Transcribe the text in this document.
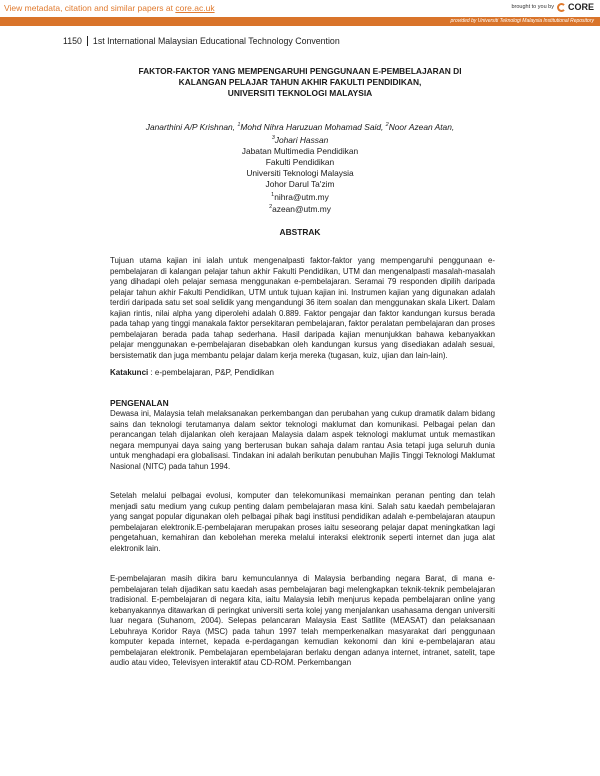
View metadata, citation and similar papers at core.ac.uk	brought to you by CORE
provided by Universiti Teknologi Malaysia Institutional Repository
1150 1st International Malaysian Educational Technology Convention
FAKTOR-FAKTOR YANG MEMPENGARUHI PENGGUNAAN E-PEMBELAJARAN DI
KALANGAN PELAJAR TAHUN AKHIR FAKULTI PENDIDIKAN,
UNIVERSITI TEKNOLOGI MALAYSIA
Janarthini A/P Krishnan, $^1$Mohd Nihra Haruzuan Mohamad Said, $^2$Noor Azean Atan,
$^3$Johari Hassan
Jabatan Multimedia Pendidikan
Fakulti Pendidikan
Universiti Teknologi Malaysia
Johor Darul Ta'zim
$^1$nihra@utm.my
$^2$azean@utm.my
ABSTRAK
Tujuan utama kajian ini ialah untuk mengenalpasti faktor-faktor yang mempengaruhi penggunaan e-pembelajaran di kalangan pelajar tahun akhir Fakulti Pendidikan, UTM dan mengenalpasti masalah-masalah yang dihadapi oleh pelajar semasa menggunakan e-pembelajaran. Seramai 79 responden dipilih daripada pelajar tahun akhir Fakulti Pendidikan, UTM untuk tujuan kajian ini. Instrumen kajian yang digunakan adalah terdiri daripada satu set soal selidik yang mengandungi 36 item soalan dan menggunakan skala Likert. Dalam kajian rintis, nilai alpha yang diperolehi adalah 0.889. Faktor pengajar dan faktor kandungan kursus berada pada tahap yang tinggi manakala faktor persekitaran pembelajaran, faktor peralatan pembelajaran dan proses pembelajaran berada pada tahap sederhana. Hasil daripada kajian menunjukkan bahawa kebanyakkan pelajar menggunakan e-pembelajaran disebabkan oleh kandungan kursus yang disediakan adalah sesuai, bersistematik dan juga membantu pelajar dalam kerja mereka (tugasan, kuiz, ujian dan lain-lain).
Katakunci : e-pembelajaran, P&P, Pendidikan
PENGENALAN
Dewasa ini, Malaysia telah melaksanakan perkembangan dan perubahan yang cukup dramatik dalam bidang sains dan teknologi terutamanya dalam sektor teknologi maklumat dan komunikasi. Pelbagai pelan dan perancangan telah dijalankan oleh kerajaan Malaysia dalam aspek teknologi maklumat untuk memastikan negara mempunyai daya saing yang berterusan bukan sahaja dalam rantau Asia tetapi juga seluruh dunia untuk menghadapi era globalisasi. Tindakan ini adalah berikutan penubuhan Majlis Tinggi Teknologi Maklumat Nasional (NITC) pada tahun 1994.
Setelah melalui pelbagai evolusi, komputer dan telekomunikasi memainkan peranan penting dan telah menjadi satu medium yang cukup penting dalam pembelajaran masa kini. Salah satu kaedah pembelajaran yang sangat popular digunakan oleh pelbagai pihak bagi institusi pendidikan adalah e-pembelajaran ataupun pembelajaran elektronik.E-pembelajaran merupakan proses iaitu seseorang pelajar dapat meningkatkan lagi pengetahuan, kemahiran dan kebolehan mereka melalui interaksi elektronik seperti internet dan juga alat elektronik lain.
E-pembelajaran masih dikira baru kemunculannya di Malaysia berbanding negara Barat, di mana e-pembelajaran telah dijadikan satu kaedah asas pembelajaran bagi melengkapkan teknik-teknik pembelajaran tradisional. E-pembelajaran di negara kita, iaitu Malaysia lebih menjurus kepada pembelajaran online yang kebanyakannya ditawarkan di peringkat universiti serta kolej yang menjalankan usahasama dengan universiti luar negara (Suhanom, 2004). Selepas pelancaran Malaysia East Satllite (MEASAT) dan pelaksanaan Lebuhraya Koridor Raya (MSC) pada tahun 1997 telah memperkenalkan masyarakat dari penggunaan komputer kepada internet, kepada e-perdagangan kemudian kekonomi dan kini e-pembelajaran atau pembelajaran elektronik. Pembelajaran epembelajaran berlaku dengan adanya internet, intranet, satelit, tape audio atau video, Televisyen interaktif atau CD-ROM. Perkembangan
